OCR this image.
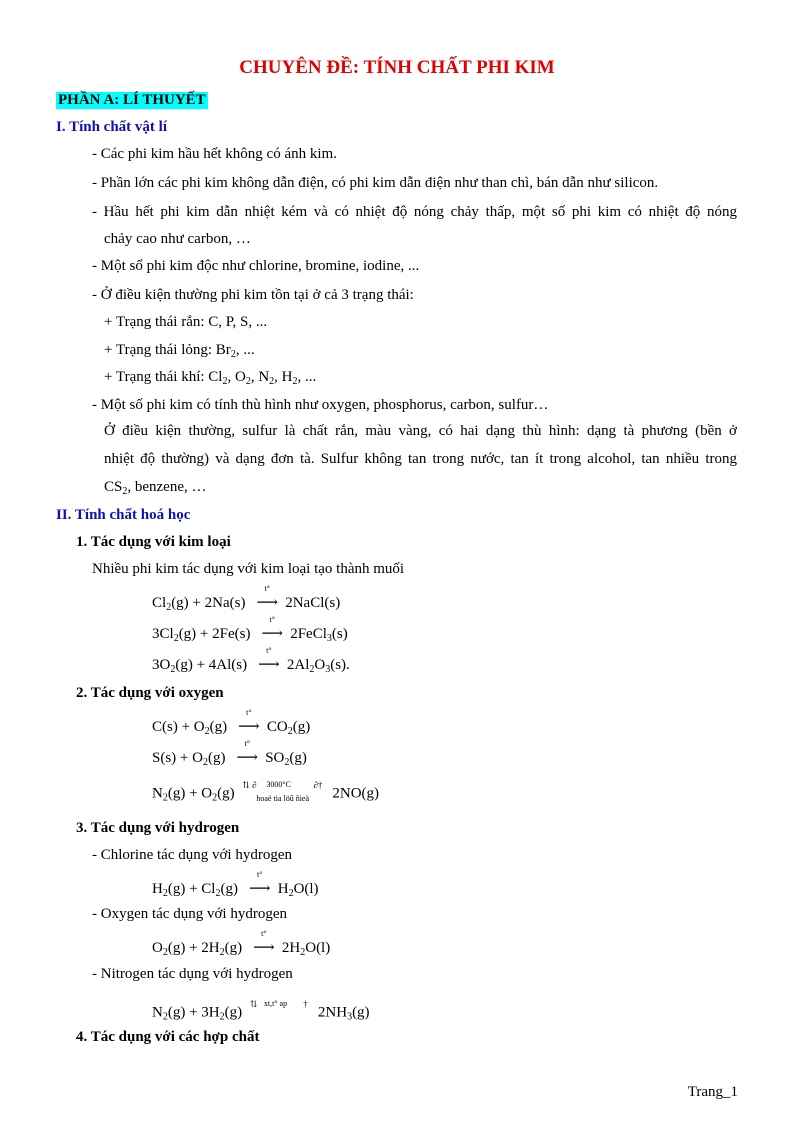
CHUYÊN ĐỀ: TÍNH CHẤT PHI KIM
PHẦN A: LÍ THUYẾT
I. Tính chất vật lí
- Các phi kim hầu hết không có ánh kim.
- Phần lớn các phi kim không dẫn điện, có phi kim dẫn điện như than chì, bán dẫn như silicon.
- Hầu hết phi kim dẫn nhiệt kém và có nhiệt độ nóng chảy thấp, một số phi kim có nhiệt độ nóng
chảy cao như carbon, …
- Một số phi kim độc như chlorine, bromine, iodine, ...
- Ở điều kiện thường phi kim tồn tại ở cả 3 trạng thái:
+ Trạng thái rắn: C, P, S, ...
+ Trạng thái lỏng: $Br_2$, ...
+ Trạng thái khí: $Cl_2$, $O_2$, $N_2$, $H_2$, ...
- Một số phi kim có tính thù hình như oxygen, phosphorus, carbon, sulfur…
Ở điều kiện thường, sulfur là chất rắn, màu vàng, có hai dạng thù hình: dạng tà phương (bền ở
nhiệt độ thường) và dạng đơn tà. Sulfur không tan trong nước, tan ít trong alcohol, tan nhiều trong
$CS_2$, benzene, …
II. Tính chất hoá học
1. Tác dụng với kim loại
Nhiều phi kim tác dụng với kim loại tạo thành muối
$Cl_2(g) + 2Na(s)$
t°
⟶ 2NaCl(s)
$3Cl_2(g) + 2Fe(s)$
t°
⟶ 2FeCl$_3$(s)
$3O_2(g) + 4Al(s)$
t°
⟶ $2Al_2O_3(s)$.
2. Tác dụng với oxygen
$C(s) + O_2(g)$
t°
⟶ $CO_2(g)$
$S(s) + O_2(g)$
t°
⟶ $SO_2(g)$
$N_2(g) + O_2(g)$
⇅ ∂ 3000°C
hoaë tia löû ñieä
∂†
2NO(g)
3. Tác dụng với hydrogen
- Chlorine tác dụng với hydrogen
$H_2(g) + Cl_2(g)$
t°
⟶ $H_2O(l)$
- Oxygen tác dụng với hydrogen
$O_2(g) + 2H_2(g)$
t°
⟶ $2H_2O(l)$
- Nitrogen tác dụng với hydrogen
$N_2(g) + 3H_2(g)$
⇅ xt,t° ap †
$2NH_3(g)$
4. Tác dụng với các hợp chất
Trang_1
